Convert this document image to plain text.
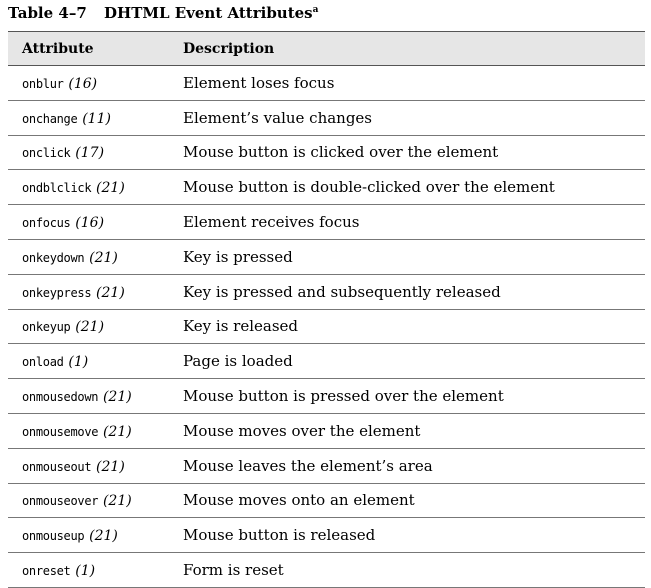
Table 4–7 DHTML Event Attributes$^a$
Attribute	Description
onblur (16)	Element loses focus
onchange (11)	Element’s value changes
onclick (17)	Mouse button is clicked over the element
ondblclick (21)	Mouse button is double-clicked over the element
onfocus (16)	Element receives focus
onkeydown (21)	Key is pressed
onkeypress (21)	Key is pressed and subsequently released
onkeyup (21)	Key is released
onload (1)	Page is loaded
onmousedown (21)	Mouse button is pressed over the element
onmousemove (21)	Mouse moves over the element
onmouseout (21)	Mouse leaves the element’s area
onmouseover (21)	Mouse moves onto an element
onmouseup (21)	Mouse button is released
onreset (1)	Form is reset
